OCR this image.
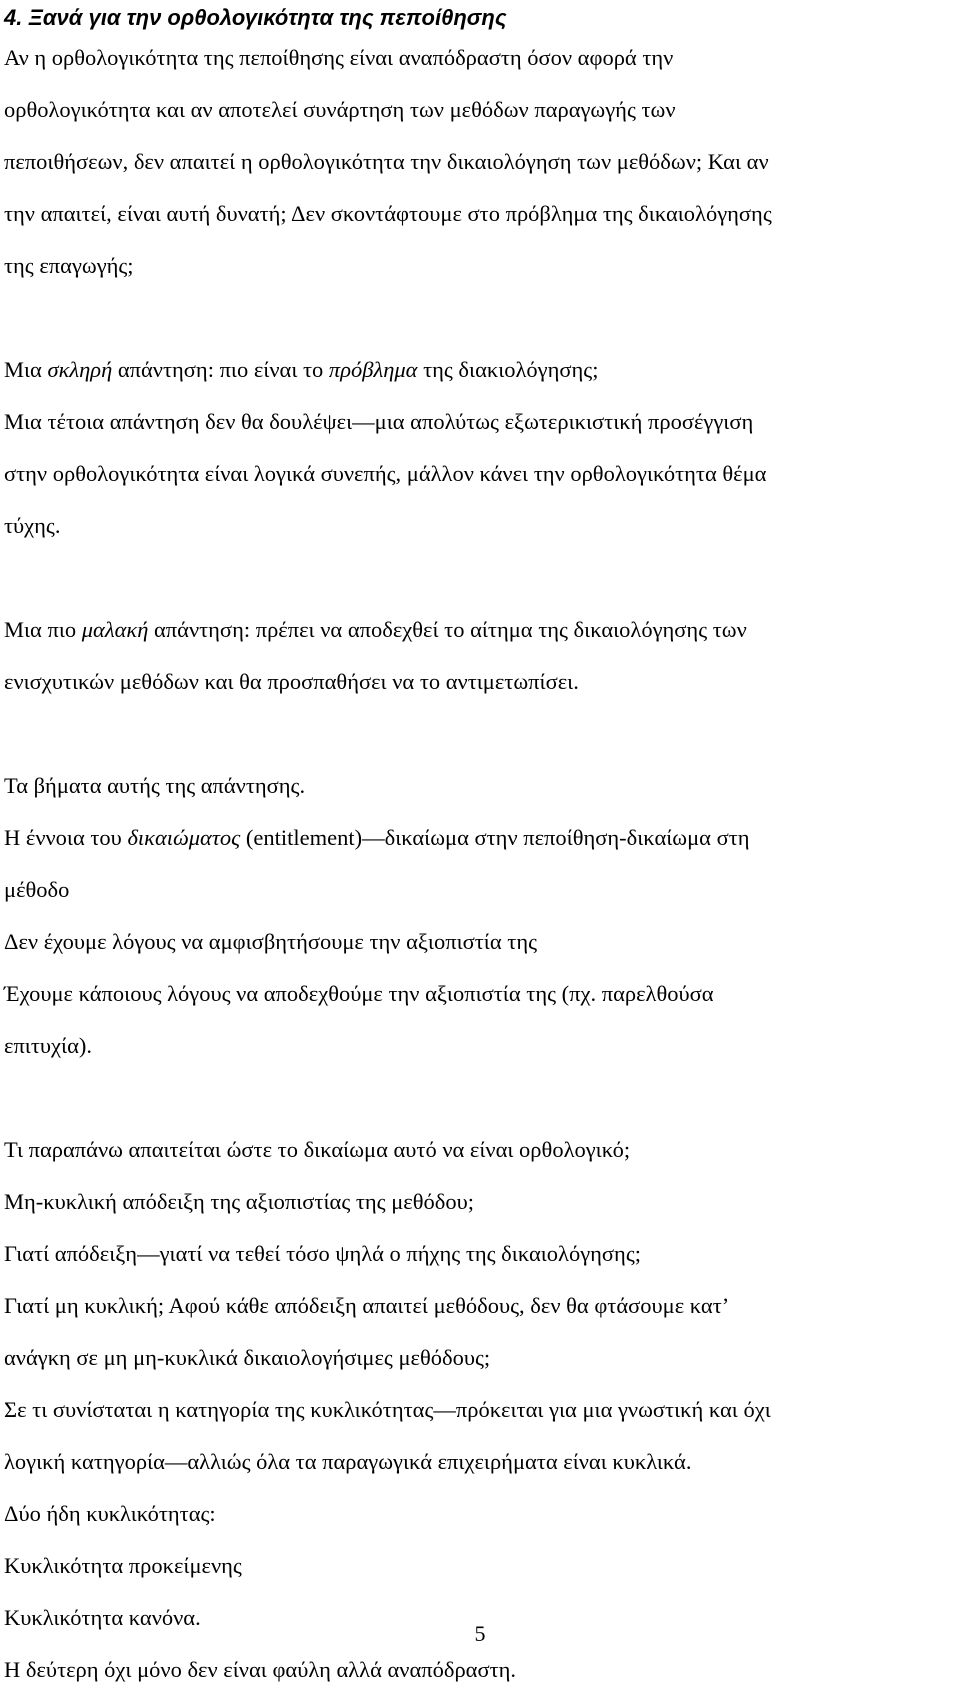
4. Ξανά για την ορθολογικότητα της πεποίθησης
Αν η ορθολογικότητα της πεποίθησης είναι αναπόδραστη όσον αφορά την
ορθολογικότητα και αν αποτελεί συνάρτηση των μεθόδων παραγωγής των
πεποιθήσεων, δεν απαιτεί η ορθολογικότητα την δικαιολόγηση των μεθόδων; Και αν
την απαιτεί, είναι αυτή δυνατή; Δεν σκοντάφτουμε στο πρόβλημα της δικαιολόγησης
της επαγωγής;
Μια σκληρή απάντηση: πιο είναι το πρόβλημα της διακιολόγησης;
Μια τέτοια απάντηση δεν θα δουλέψει—μια απολύτως εξωτερικιστική προσέγγιση
στην ορθολογικότητα είναι λογικά συνεπής, μάλλον κάνει την ορθολογικότητα θέμα
τύχης.
Μια πιο μαλακή απάντηση: πρέπει να αποδεχθεί το αίτημα της δικαιολόγησης των
ενισχυτικών μεθόδων και θα προσπαθήσει να το αντιμετωπίσει.
Τα βήματα αυτής της απάντησης.
Η έννοια του δικαιώματος (entitlement)—δικαίωμα στην πεποίθηση-δικαίωμα στη
μέθοδο
Δεν έχουμε λόγους να αμφισβητήσουμε την αξιοπιστία της
Έχουμε κάποιους λόγους να αποδεχθούμε την αξιοπιστία της (πχ. παρελθούσα
επιτυχία).
Τι παραπάνω απαιτείται ώστε το δικαίωμα αυτό να είναι ορθολογικό;
Μη-κυκλική απόδειξη της αξιοπιστίας της μεθόδου;
Γιατί απόδειξη—γιατί να τεθεί τόσο ψηλά ο πήχης της δικαιολόγησης;
Γιατί μη κυκλική; Αφού κάθε απόδειξη απαιτεί μεθόδους, δεν θα φτάσουμε κατ’
ανάγκη σε μη μη-κυκλικά δικαιολογήσιμες μεθόδους;
Σε τι συνίσταται η κατηγορία της κυκλικότητας—πρόκειται για μια γνωστική και όχι
λογική κατηγορία—αλλιώς όλα τα παραγωγικά επιχειρήματα είναι κυκλικά.
Δύο ήδη κυκλικότητας:
Κυκλικότητα προκείμενης
Κυκλικότητα κανόνα.
Η δεύτερη όχι μόνο δεν είναι φαύλη αλλά αναπόδραστη.
5
